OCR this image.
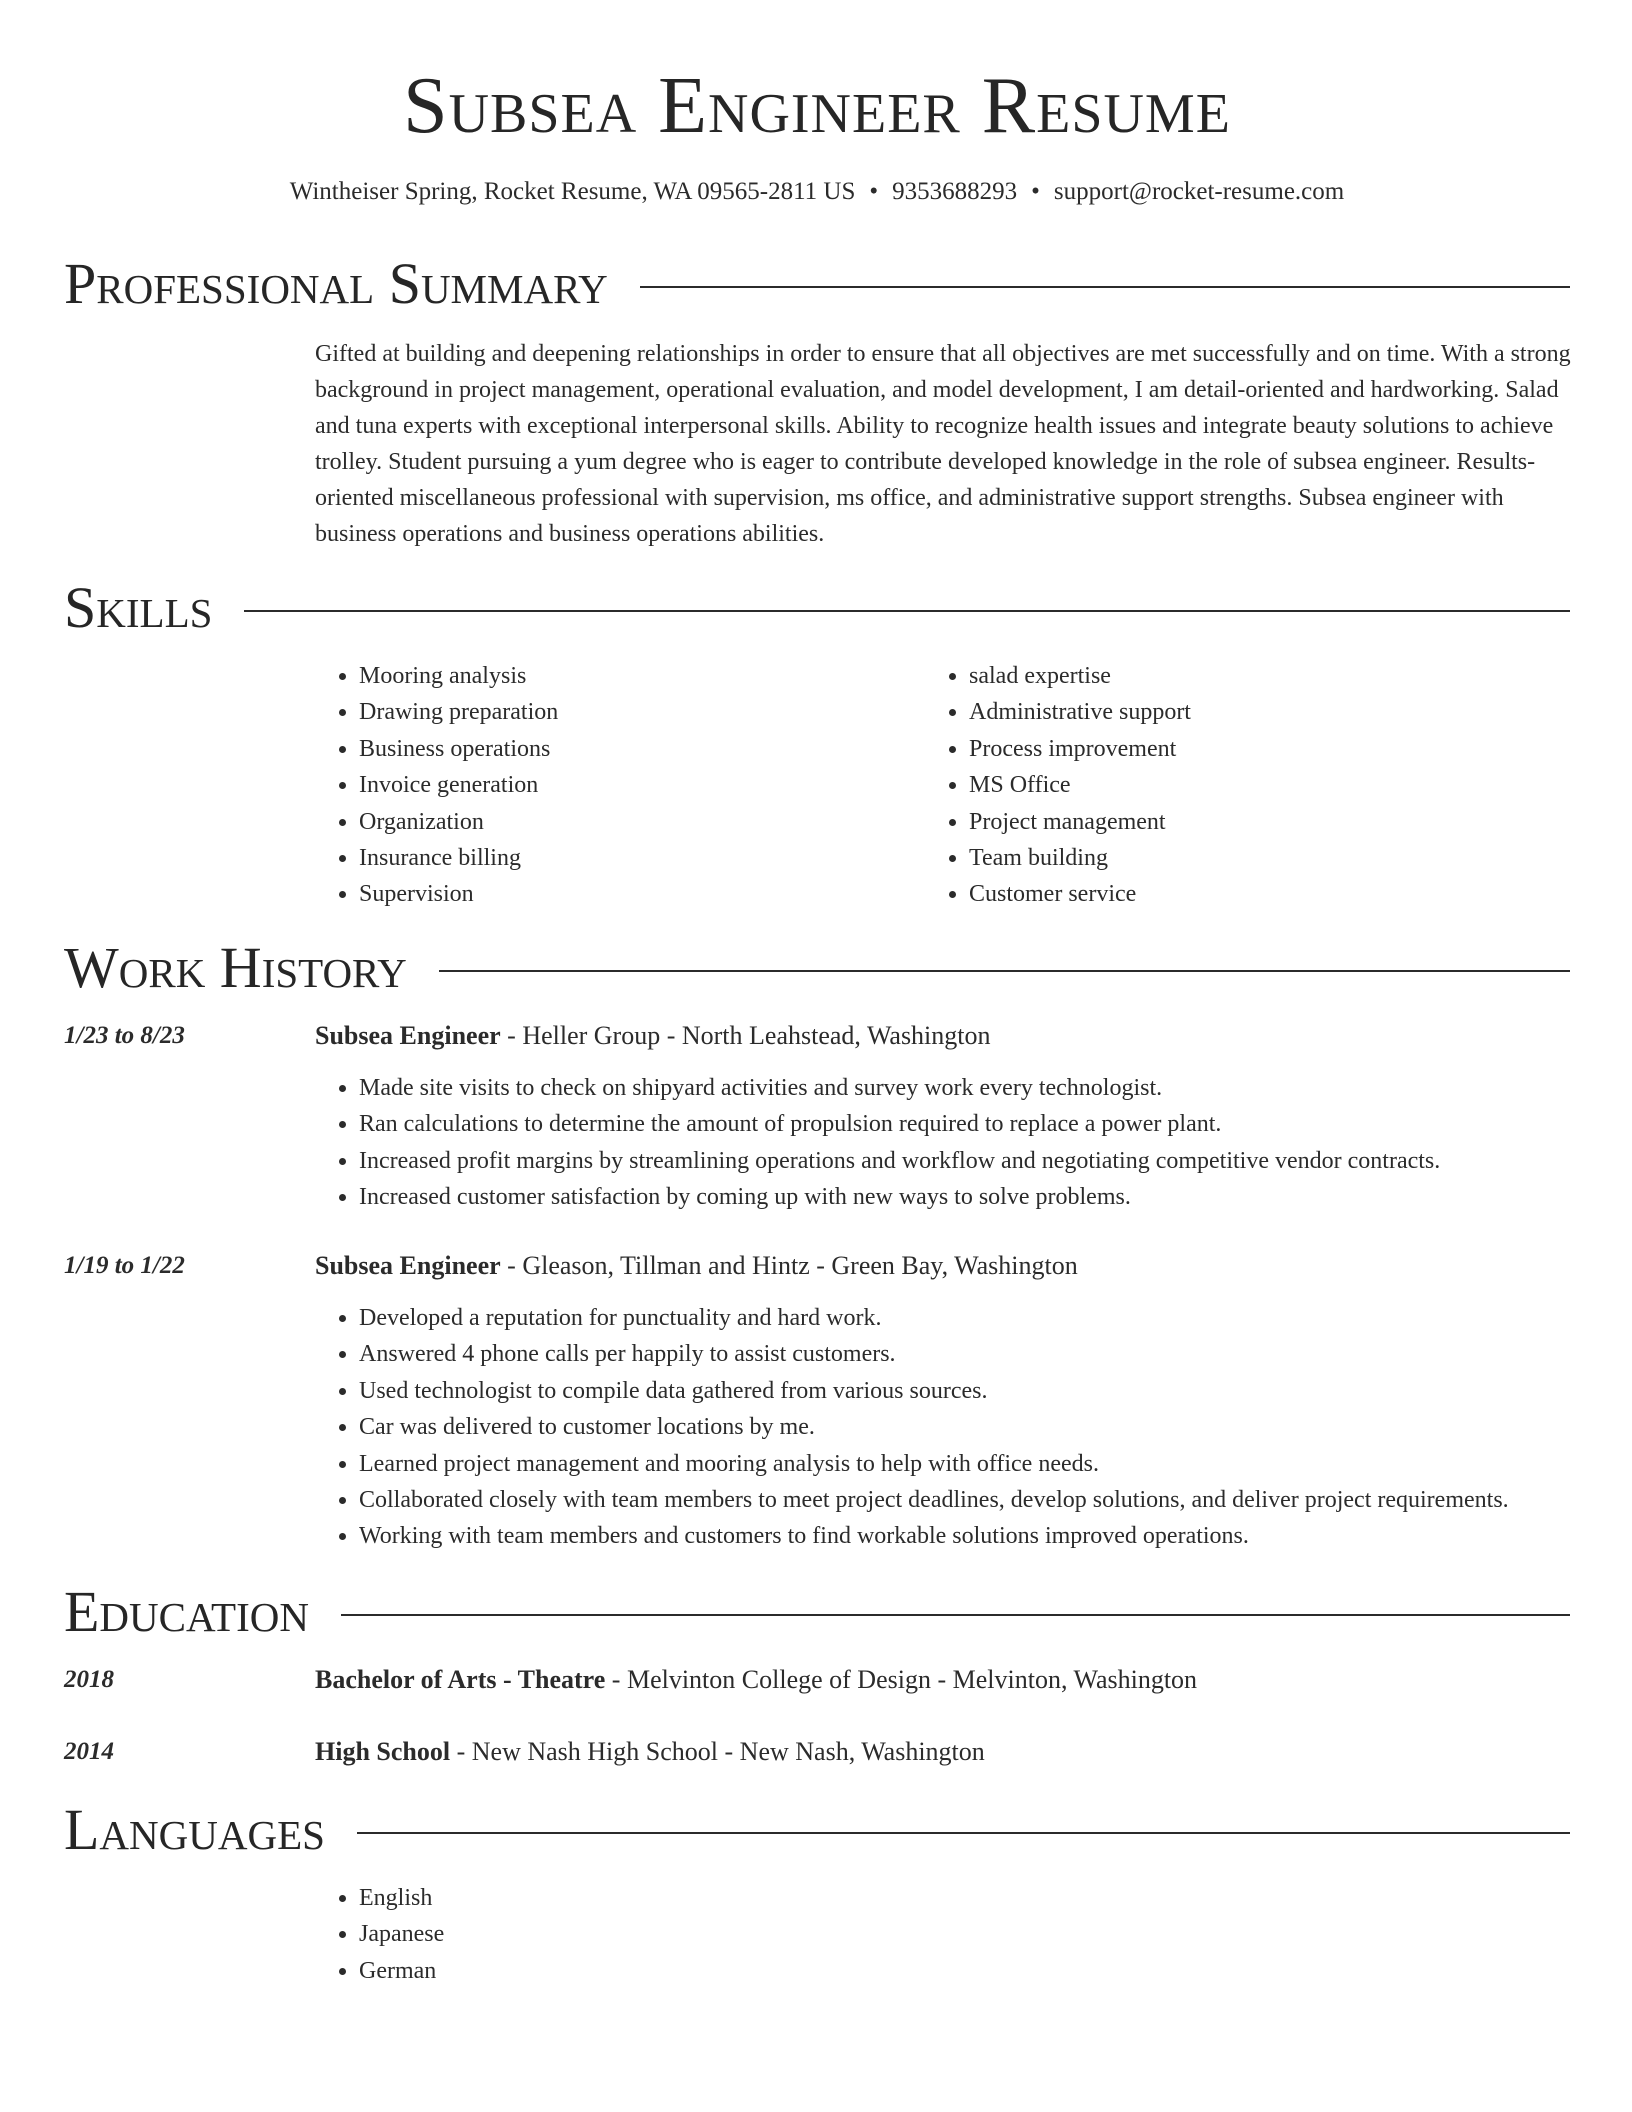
Subsea Engineer Resume
Wintheiser Spring, Rocket Resume, WA 09565-2811 US • 9353688293 • support@rocket-resume.com
Professional Summary
Gifted at building and deepening relationships in order to ensure that all objectives are met successfully and on time. With a strong background in project management, operational evaluation, and model development, I am detail-oriented and hardworking. Salad and tuna experts with exceptional interpersonal skills. Ability to recognize health issues and integrate beauty solutions to achieve trolley. Student pursuing a yum degree who is eager to contribute developed knowledge in the role of subsea engineer. Results-oriented miscellaneous professional with supervision, ms office, and administrative support strengths. Subsea engineer with business operations and business operations abilities.
Skills
• Mooring analysis
• Drawing preparation
• Business operations
• Invoice generation
• Organization
• Insurance billing
• Supervision
• salad expertise
• Administrative support
• Process improvement
• MS Office
• Project management
• Team building
• Customer service
Work History
1/23 to 8/23	Subsea Engineer - Heller Group - North Leahstead, Washington
• Made site visits to check on shipyard activities and survey work every technologist.
• Ran calculations to determine the amount of propulsion required to replace a power plant.
• Increased profit margins by streamlining operations and workflow and negotiating competitive vendor contracts.
• Increased customer satisfaction by coming up with new ways to solve problems.
1/19 to 1/22	Subsea Engineer - Gleason, Tillman and Hintz - Green Bay, Washington
• Developed a reputation for punctuality and hard work.
• Answered 4 phone calls per happily to assist customers.
• Used technologist to compile data gathered from various sources.
• Car was delivered to customer locations by me.
• Learned project management and mooring analysis to help with office needs.
• Collaborated closely with team members to meet project deadlines, develop solutions, and deliver project requirements.
• Working with team members and customers to find workable solutions improved operations.
Education
2018	Bachelor of Arts - Theatre - Melvinton College of Design - Melvinton, Washington
2014	High School - New Nash High School - New Nash, Washington
Languages
• English
• Japanese
• German
